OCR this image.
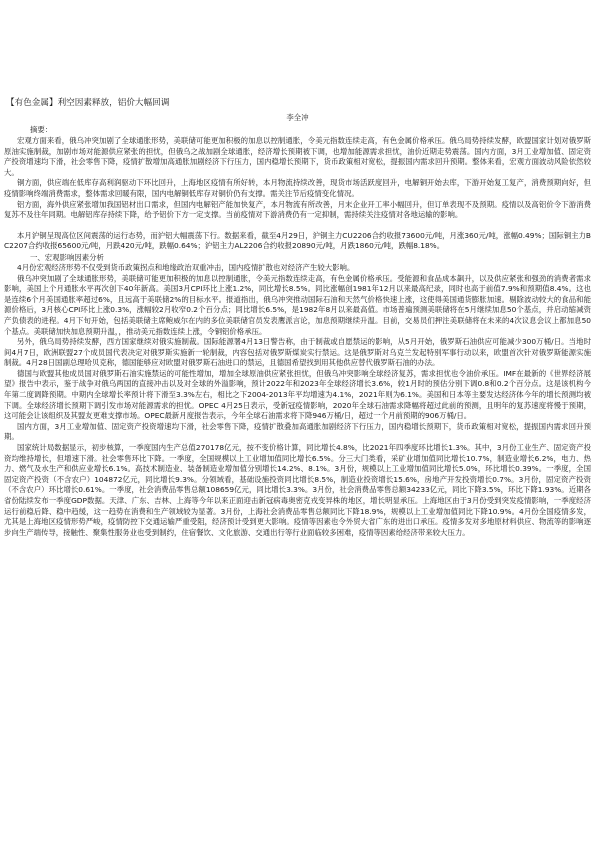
【有色金属】利空因素释放，铝价大幅回调
李全冲
摘要：

宏观方面来看，俄乌冲突加剧了全球通胀形势，美联储可能更加积极的加息以控制通胀，令美元指数连续走高，有色金属价格承压。俄乌局势持续发酵，欧盟国家计划对俄罗斯原油实施制裁，加剧市场对能源供应紧张的担忧，但俄乌之战加剧全球通胀，经济增长预期被下调，也增加能源需求担忧，油价近期走势震荡。国内方面，3月工业增加值、固定资产投资增速均下滑，社会零售下降，疫情扩散增加高通胀加剧经济下行压力，国内稳增长预期下，货币政策相对宽松，提振国内需求回升预期。整体来看，宏观方面波动风险依然较大。

铜方面，供应端在低库存高利润驱动下环比回升，上海地区疫情有所好转，本月物流持续改善，现货市场活跃度回升，电解铜开始去库，下游开始复工复产，消费预期向好，但疫情影响终端消费需求，整体需求回暖有限，国内电解铜低库存对铜价仍有支撑。需关注节后疫情变化情况。

铝方面，海外供应紧张增加我国铝材出口需求，但国内电解铝产能加快复产，本月物流有所改善，月末企业开工率小幅回升，但订单表现不及预期。疫情以及高铝价令下游消费复苏不及往年同期。电解铝库存持续下降，给予铝价下方一定支撑。当前疫情对下游消费仍有一定抑制，需持续关注疫情对各地运输的影响。

本月沪铜呈现高位区间震荡的运行态势，而沪铝大幅震荡下行。数据来看，截至4月29日，沪铜主力CU2206合约收报73600元/吨，月涨360元/吨，涨幅0.49%；国际铜主力BC2207合约收报65600元/吨，月跌420元/吨，跌幅0.64%；沪铝主力AL2206合约收报20890元/吨，月跌1860元/吨，跌幅8.18%。

一、宏观影响因素分析

4月份宏观经济形势不仅受到货币政策拐点和地缘政治双重冲击，国内疫情扩散也对经济产生较大影响。

俄乌冲突加剧了全球通胀形势，美联储可能更加积极的加息以控制通胀，令美元指数连续走高，有色金属价格承压。受能源和食品成本飙升，以及供应紧张和强劲的消费者需求影响，美国上个月通胀水平再次创下40年新高。美国3月CPI环比上涨1.2%，同比增长8.5%。同比涨幅创1981年12月以来最高纪录，同时也高于前值7.9%和预期值8.4%。这也是连续6个月美国通胀率超过6%，且远高于美联储2%的目标水平。报道指出，俄乌冲突推动国际石油和天然气价格快速上涨，这使得美国通货膨胀加速。剔除波动较大的食品和能源价格后，3月核心CPI环比上涨0.3%，涨幅较2月收窄0.2个百分点；同比增长6.5%，是1982年8月以来最高值。市场普遍预测美联储将在5月继续加息50个基点，并启动缩减资产负债表的进程。4月下旬开始，包括美联储主席鲍威尔在内的多位美联储官员发表鹰派言论，加息预期继续升温。目前，交易员们押注美联储将在未来的4次议息会议上都加息50个基点。美联储加快加息预期升温，，推动美元指数连续上涨，令铜铝价格承压。

另外，俄乌局势持续发酵，西方国家继续对俄实施制裁。国际能源署4月13日警告称，由于制裁或自愿禁运的影响，从5月开始，俄罗斯石油供应可能减少300万桶/日。当地时间4月7日，欧洲联盟27个成员国代表决定对俄罗斯实施新一轮制裁，内容包括对俄罗斯煤炭实行禁运。这是俄罗斯对乌克兰发起特别军事行动以来，欧盟首次针对俄罗斯能源实施制裁。4月28日国副总理哈贝克称，德国能够应对欧盟对俄罗斯石油进口的禁运，且德国希望找到用其他供应替代俄罗斯石油的办法。

德国与欧盟其他成员国对俄罗斯石油实施禁运的可能性增加，增加全球原油供应紧张担忧，但俄乌冲突影响全球经济复苏，需求担忧也令油价承压。IMF在最新的《世界经济展望》报告中表示，鉴于战争对俄乌两国的直接冲击以及对全球的外溢影响，预计2022年和2023年全球经济增长3.6%，较1月时的预估分别下调0.8和0.2个百分点。这是该机构今年第二度调降预期。中期内全球增长率预计将下滑至3.3%左右，相比之下2004-2013年平均增速为4.1%，2021年则为6.1%。美国和日本等主要发达经济体今年的增长预测均被下调。全球经济增长预期下调引发市场对能源需求的担忧。OPEC 4月25日表示，受新冠疫情影响，2020年全球石油需求降幅将超过此前的预测，且明年的复苏速度将慢于预期，这可能会让该组织及其盟友更难支撑市场。OPEC最新月度报告表示，今年全球石油需求将下降946万桶/日，超过一个月前预期的906万桶/日。

国内方面，3月工业增加值、固定资产投资增速均下滑，社会零售下降，疫情扩散叠加高通胀加剧经济下行压力，国内稳增长预期下，货币政策相对宽松，提振国内需求回升预期。

国家统计局数据显示，初步核算，一季度国内生产总值270178亿元，按不变价格计算，同比增长4.8%，比2021年四季度环比增长1.3%。其中，3月份工业生产、固定资产投资均维持增长，但增速下滑。社会零售环比下降。一季度，全国规模以上工业增加值同比增长6.5%。分三大门类看，采矿业增加值同比增长10.7%，制造业增长6.2%，电力、热力、燃气及水生产和供应业增长6.1%。高技术制造业、装备制造业增加值分别增长14.2%、8.1%。3月份，规模以上工业增加值同比增长5.0%，环比增长0.39%。一季度，全国固定资产投资（不含农户）104872亿元，同比增长9.3%。分领域看，基础设施投资同比增长8.5%，制造业投资增长15.6%，房地产开发投资增长0.7%。3月份，固定资产投资（不含农户）环比增长0.61%。一季度，社会消费品零售总额108659亿元，同比增长3.3%。3月份，社会消费品零售总额34233亿元，同比下降3.5%，环比下降1.93%。近期各省份陆续发布一季度GDP数据。天津、广东、吉林、上海等今年以来正面迎击新冠病毒奥密克戎变异株的地区，增长明显承压。上海地区由于3月份受到突发疫情影响，一季度经济运行前稳后降、稳中趋缓，这一趋势在消费和生产领域较为显著。3月份，上海社会消费品零售总额同比下降18.9%，规模以上工业增加值同比下降10.9%。4月份全国疫情多发，尤其是上海地区疫情形势严峻，疫情防控下交通运输严重受阻，经济预计受到更大影响。疫情等因素也令外贸大省广东的进出口承压。疫情多发对多地原材料供应、物流等的影响逐步向生产端传导，接触性、聚集性服务业也受到制约，住宿餐饮、文化旅游、交通出行等行业面临较多困难，疫情等因素给经济带来较大压力。
